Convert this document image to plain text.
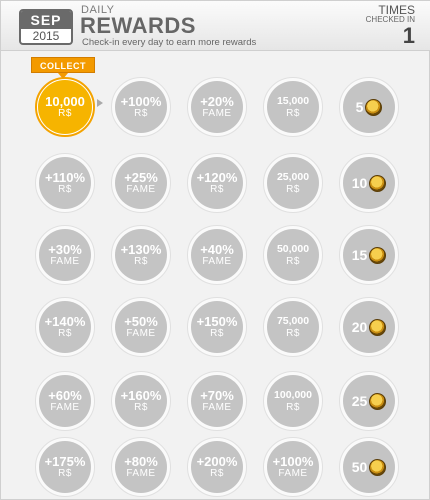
SEP
2015
DAILY
REWARDS
Check-in every day to earn more rewards
TIMES
CHECKED IN
1
10,000
R$
+100%
R$
+20%
FAME
15,000
R$	5
+110%
R$
+25%
FAME
+120%
R$
25,000
R$	10
+30%
FAME
+130%
R$
+40%
FAME
50,000
R$	15
+140%
R$
+50%
FAME
+150%
R$
75,000
R$	20
+60%
FAME
+160%
R$
+70%
FAME
100,000
R$	25
+175%
R$
+80%
FAME
+200%
R$
+100%
FAME	50
COLLECT
